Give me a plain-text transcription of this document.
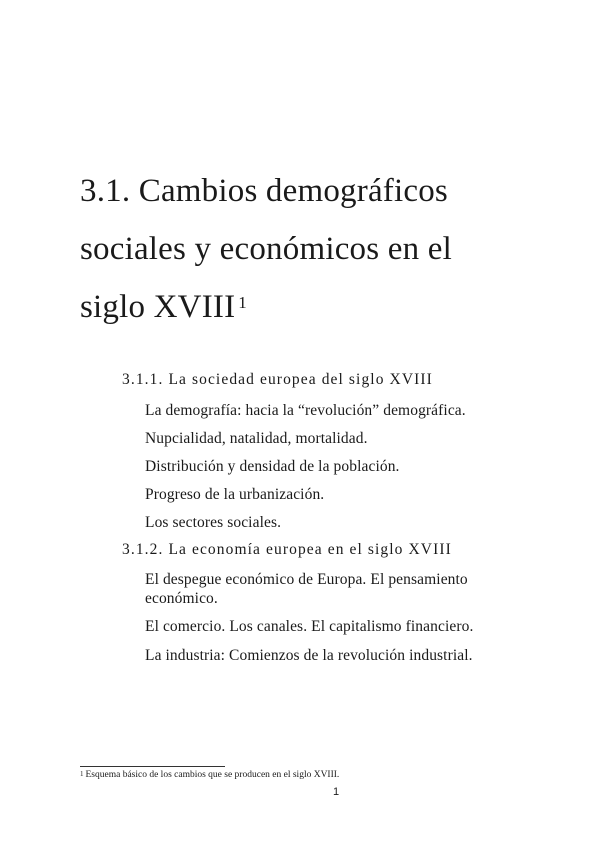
3.1. Cambios demográficos
sociales y económicos en el
siglo XVIII $^1$
3.1.1. La sociedad europea del siglo XVIII
La demografía: hacia la “revolución” demográfica.
Nupcialidad, natalidad, mortalidad.
Distribución y densidad de la población.
Progreso de la urbanización.
Los sectores sociales.
3.1.2. La economía europea en el siglo XVIII
El despegue económico de Europa. El pensamiento económico.
El comercio. Los canales. El capitalismo financiero.
La industria: Comienzos de la revolución industrial.
$^1$ Esquema básico de los cambios que se producen en el siglo XVIII.
1
